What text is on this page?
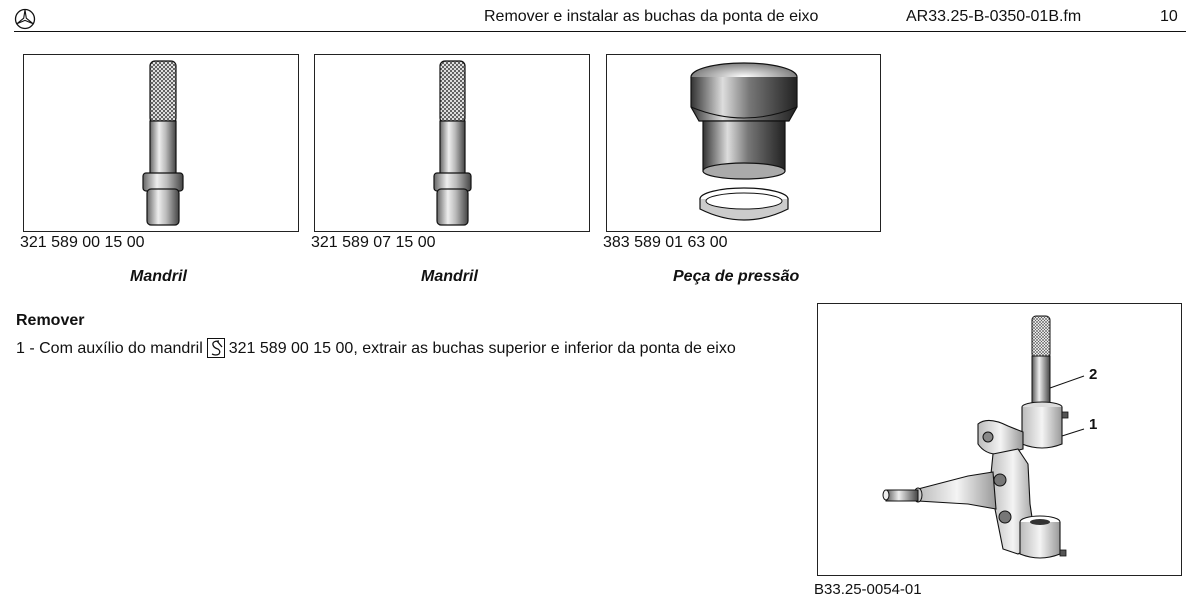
Remover e instalar as buchas da ponta de eixo	AR33.25-B-0350-01B.fm	10
321 589 00 15 00
Mandril
321 589 07 15 00
Mandril
383 589 01 63 00
Peça de pressão
Remover
1 - Com auxílio do mandril 321 589 00 15 00, extrair as buchas superior e inferior da ponta de eixo
2
1
B33.25-0054-01
